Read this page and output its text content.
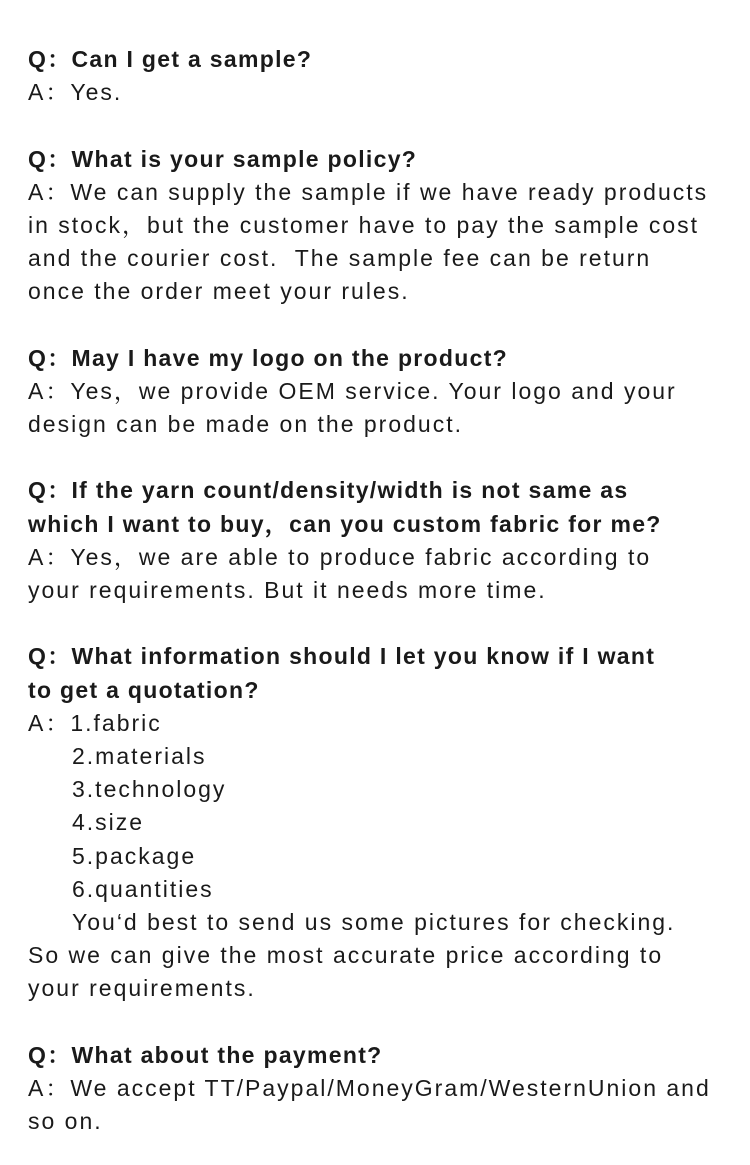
Q：Can I get a sample?
A：Yes.
Q：What is your sample policy?
A：We can supply the sample if we have ready products
in stock，but the customer have to pay the sample cost
and the courier cost.  The sample fee can be return
once the order meet your rules.
Q：May I have my logo on the product?
A：Yes，we provide OEM service. Your logo and your
design can be made on the product.
Q：If the yarn count/density/width is not same as
which I want to buy，can you custom fabric for me?
A：Yes，we are able to produce fabric according to
your requirements. But it needs more time.
Q：What information should I let you know if I want
to get a quotation?
A：1.fabric
2.materials
3.technology
4.size
5.package
6.quantities
You‘d best to send us some pictures for checking.
So we can give the most accurate price according to
your requirements.
Q：What about the payment?
A：We accept TT/Paypal/MoneyGram/WesternUnion and
so on.
